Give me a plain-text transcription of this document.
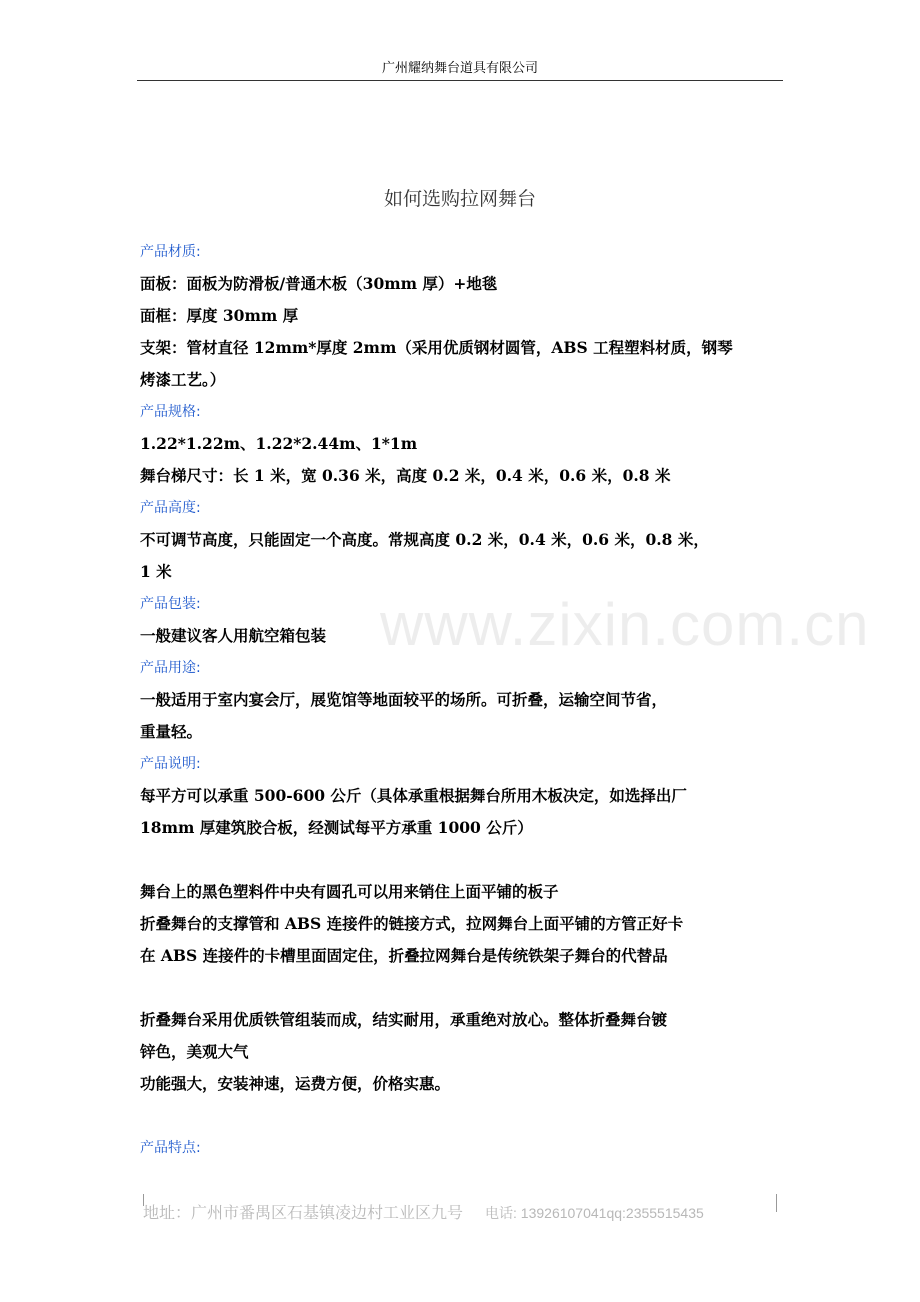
广州耀纳舞台道具有限公司
如何选购拉网舞台
www.zixin.com.cn

产品材质:

面板：面板为防滑板/普通木板（30mm 厚）+地毯

面框：厚度 30mm 厚

支架：管材直径 12mm*厚度 2mm（采用优质钢材圆管，ABS 工程塑料材质，钢琴

烤漆工艺。）

产品规格:

1.22*1.22m、1.22*2.44m、1*1m

舞台梯尺寸：长 1 米，宽 0.36 米，高度 0.2 米，0.4 米，0.6 米，0.8 米

产品高度:

不可调节高度，只能固定一个高度。常规高度 0.2 米，0.4 米，0.6 米，0.8 米，

1 米

产品包装:

一般建议客人用航空箱包装

产品用途:

一般适用于室内宴会厅，展览馆等地面较平的场所。可折叠，运输空间节省，

重量轻。

产品说明:

每平方可以承重 500-600 公斤（具体承重根据舞台所用木板决定，如选择出厂

18mm 厚建筑胶合板，经测试每平方承重 1000 公斤）

舞台上的黑色塑料件中央有圆孔可以用来销住上面平铺的板子

折叠舞台的支撑管和 ABS 连接件的链接方式，拉网舞台上面平铺的方管正好卡

在 ABS 连接件的卡槽里面固定住，折叠拉网舞台是传统铁架子舞台的代替品

折叠舞台采用优质铁管组装而成，结实耐用，承重绝对放心。整体折叠舞台镀

锌色，美观大气

功能强大，安装神速，运费方便，价格实惠。

产品特点:

地址：广州市番禺区石基镇凌边村工业区九号 电话: 13926107041qq:2355515435
